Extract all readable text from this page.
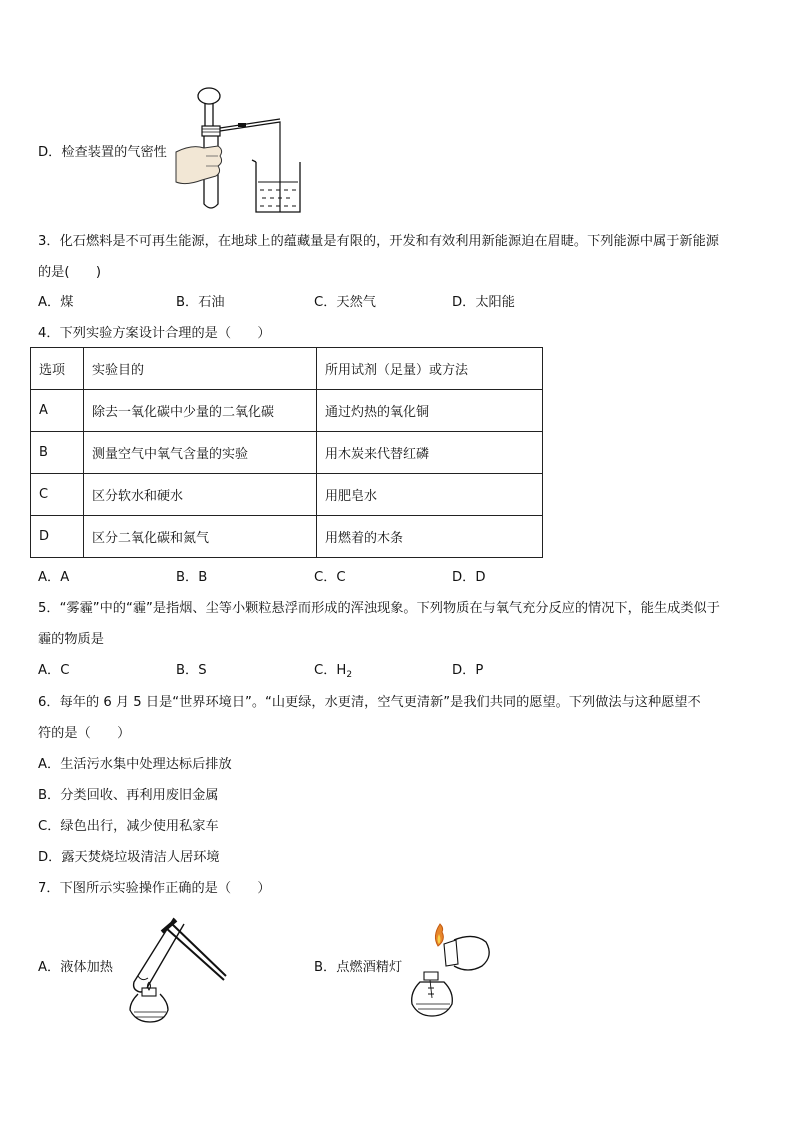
D．检查装置的气密性
3．化石燃料是不可再生能源，在地球上的蕴藏量是有限的，开发和有效利用新能源迫在眉睫。下列能源中属于新能源
的是(　　)
A．煤	B．石油	C．天然气	D．太阳能
4．下列实验方案设计合理的是（　　）
选项	实验目的	所用试剂（足量）或方法
A	除去一氧化碳中少量的二氧化碳	通过灼热的氧化铜
B	测量空气中氧气含量的实验	用木炭来代替红磷
C	区分软水和硬水	用肥皂水
D	区分二氧化碳和氮气	用燃着的木条
A．A	B．B	C．C	D．D
5．“雾霾”中的“霾”是指烟、尘等小颗粒悬浮而形成的浑浊现象。下列物质在与氧气充分反应的情况下，能生成类似于
霾的物质是
A．C	B．S	C．$H_2$	D．P
6．每年的 6 月 5 日是“世界环境日”。“山更绿，水更清，空气更清新”是我们共同的愿望。下列做法与这种愿望不
符的是（　　）
A．生活污水集中处理达标后排放
B．分类回收、再利用废旧金属
C．绿色出行，减少使用私家车
D．露天焚烧垃圾清洁人居环境
7．下图所示实验操作正确的是（　　）
A．液体加热	B．点燃酒精灯
